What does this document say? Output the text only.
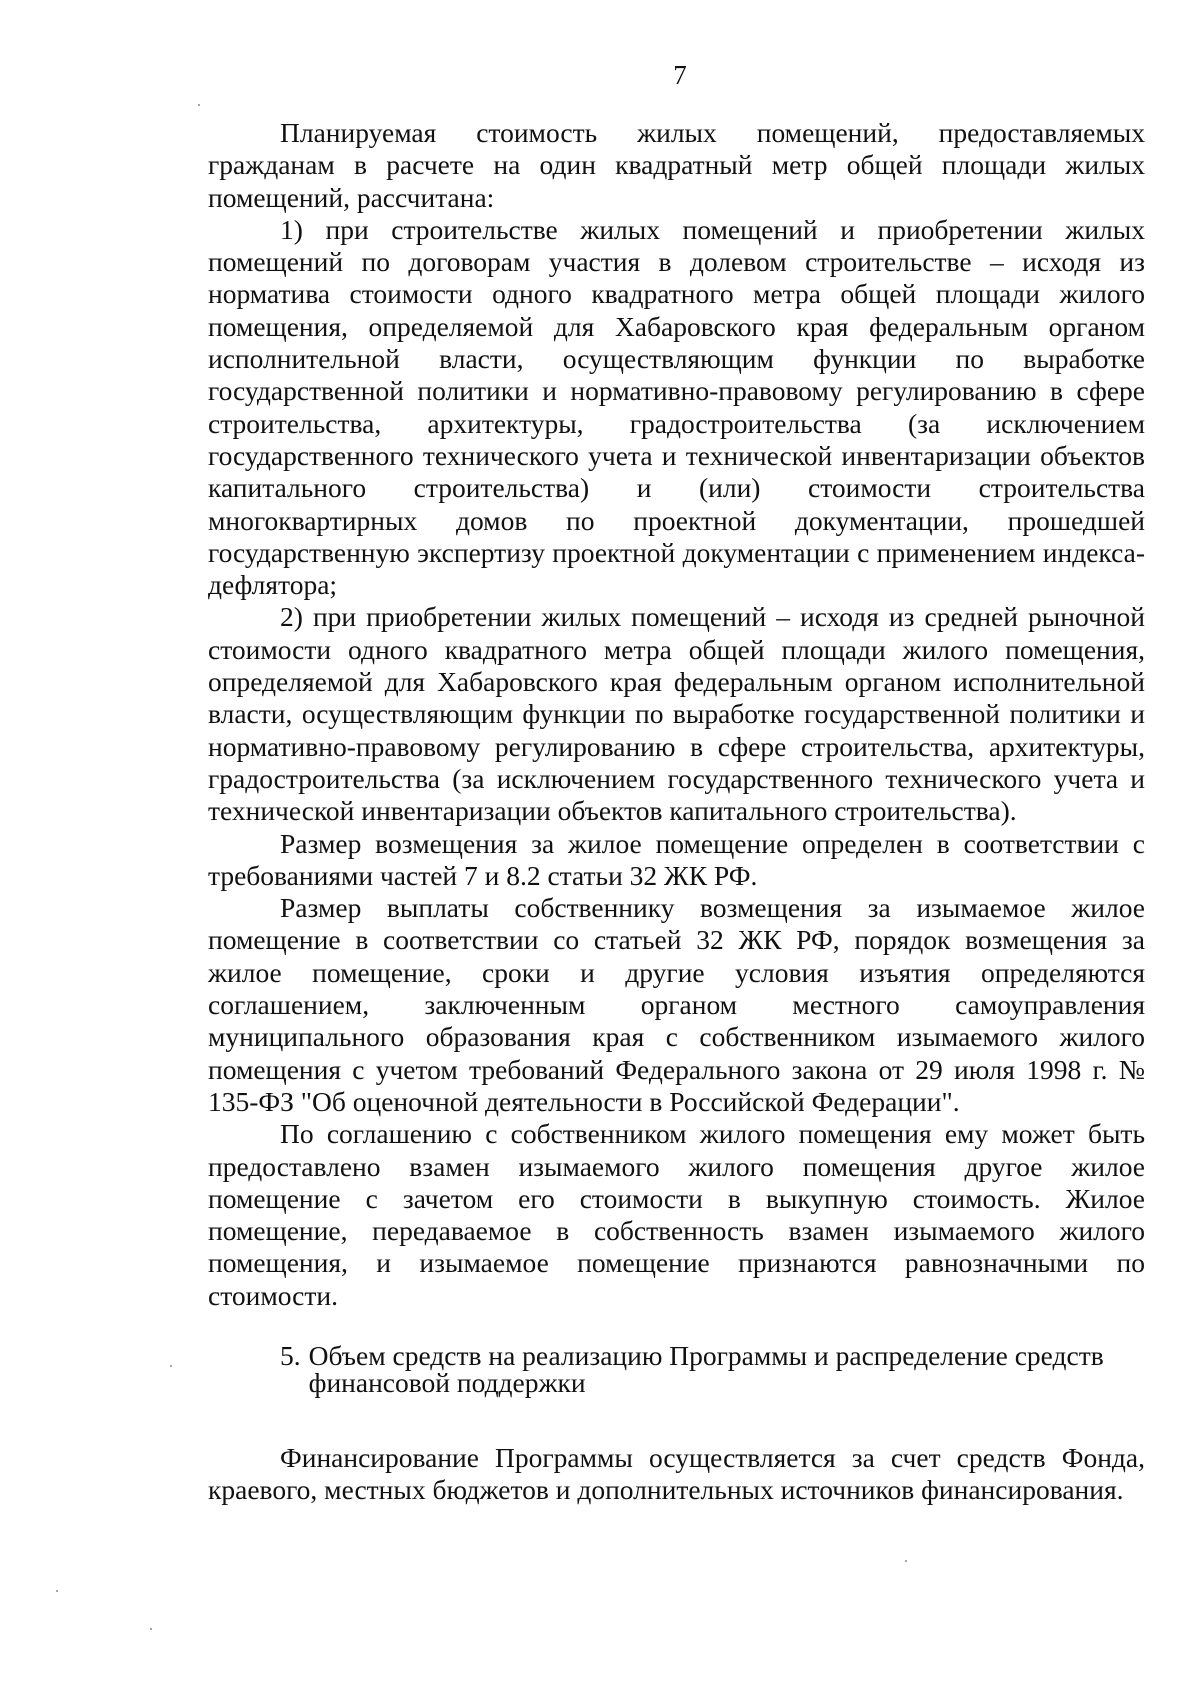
7

Планируемая стоимость жилых помещений, предоставляемых гражданам в расчете на один квадратный метр общей площади жилых помещений, рассчитана:

1) при строительстве жилых помещений и приобретении жилых помещений по договорам участия в долевом строительстве – исходя из норматива стоимости одного квадратного метра общей площади жилого помещения, определяемой для Хабаровского края федеральным органом исполнительной власти, осуществляющим функции по выработке государственной политики и нормативно-правовому регулированию в сфере строительства, архитектуры, градостроительства (за исключением государственного технического учета и технической инвентаризации объектов капитального строительства) и (или) стоимости строительства многоквартирных домов по проектной документации, прошедшей государственную экспертизу проектной документации с применением индекса-дефлятора;

2) при приобретении жилых помещений – исходя из средней рыночной стоимости одного квадратного метра общей площади жилого помещения, определяемой для Хабаровского края федеральным органом исполнительной власти, осуществляющим функции по выработке государственной политики и нормативно-правовому регулированию в сфере строительства, архитектуры, градостроительства (за исключением государственного технического учета и технической инвентаризации объектов капитального строительства).

Размер возмещения за жилое помещение определен в соответствии с требованиями частей 7 и 8.2 статьи 32 ЖК РФ.

Размер выплаты собственнику возмещения за изымаемое жилое помещение в соответствии со статьей 32 ЖК РФ, порядок возмещения за жилое помещение, сроки и другие условия изъятия определяются соглашением, заключенным органом местного самоуправления муниципального образования края с собственником изымаемого жилого помещения с учетом требований Федерального закона от 29 июля 1998 г. № 135-ФЗ "Об оценочной деятельности в Российской Федерации".

По соглашению с собственником жилого помещения ему может быть предоставлено взамен изымаемого жилого помещения другое жилое помещение с зачетом его стоимости в выкупную стоимость. Жилое помещение, передаваемое в собственность взамен изымаемого жилого помещения, и изымаемое помещение признаются равнозначными по стоимости.

5. Объем средств на реализацию Программы и распределение средств финансовой поддержки

Финансирование Программы осуществляется за счет средств Фонда, краевого, местных бюджетов и дополнительных источников финансирования.
